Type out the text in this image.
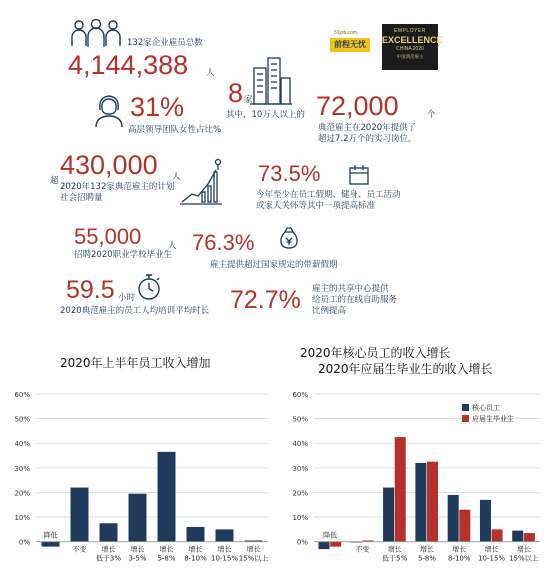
51job.com
前程无忧
EMPLOYER
EXCELLENCE
CHINA 2020
中国典范雇主
132家企业雇员总数
4,144,388 人
8 家
其中，10万人以上的 72,000	个
典范雇主在2020年提供了
超过7.2万个的实习岗位。
31%
高层领导团队女性占比%
超
430,000 人
2020年132家典范雇主的计划
社会招聘量
73.5%
今年至少在员工假期、健身、员工活动
或家人关怀等其中一项提高标准
55,000	人
招聘2020职业学校毕业生 76.3%
雇主提供超过国家规定的带薪假期
59.5 小时
2020典范雇主的员工人均培训平均时长 72.7% 雇主的共享中心提供
给员工的在线自助服务
比例提高
2020年上半年员工收入增加
2020年核心员工的收入增长
2020年应届生毕业生的收入增长
0%
10%
20%
30%
40%
50%
60%
降低
不变 增长
低于3%
增长
3-5%
增长
5-8%
增长
8-10%
增长
10-15%
增长
15%以上
0%
10%
20%
30%
40%
50%
60%
降低
不变	增长
低于5%
增长
5-8%
增长
8-10%
增长
10-15%
增长
15%以上
核心员工
应届生毕业生
